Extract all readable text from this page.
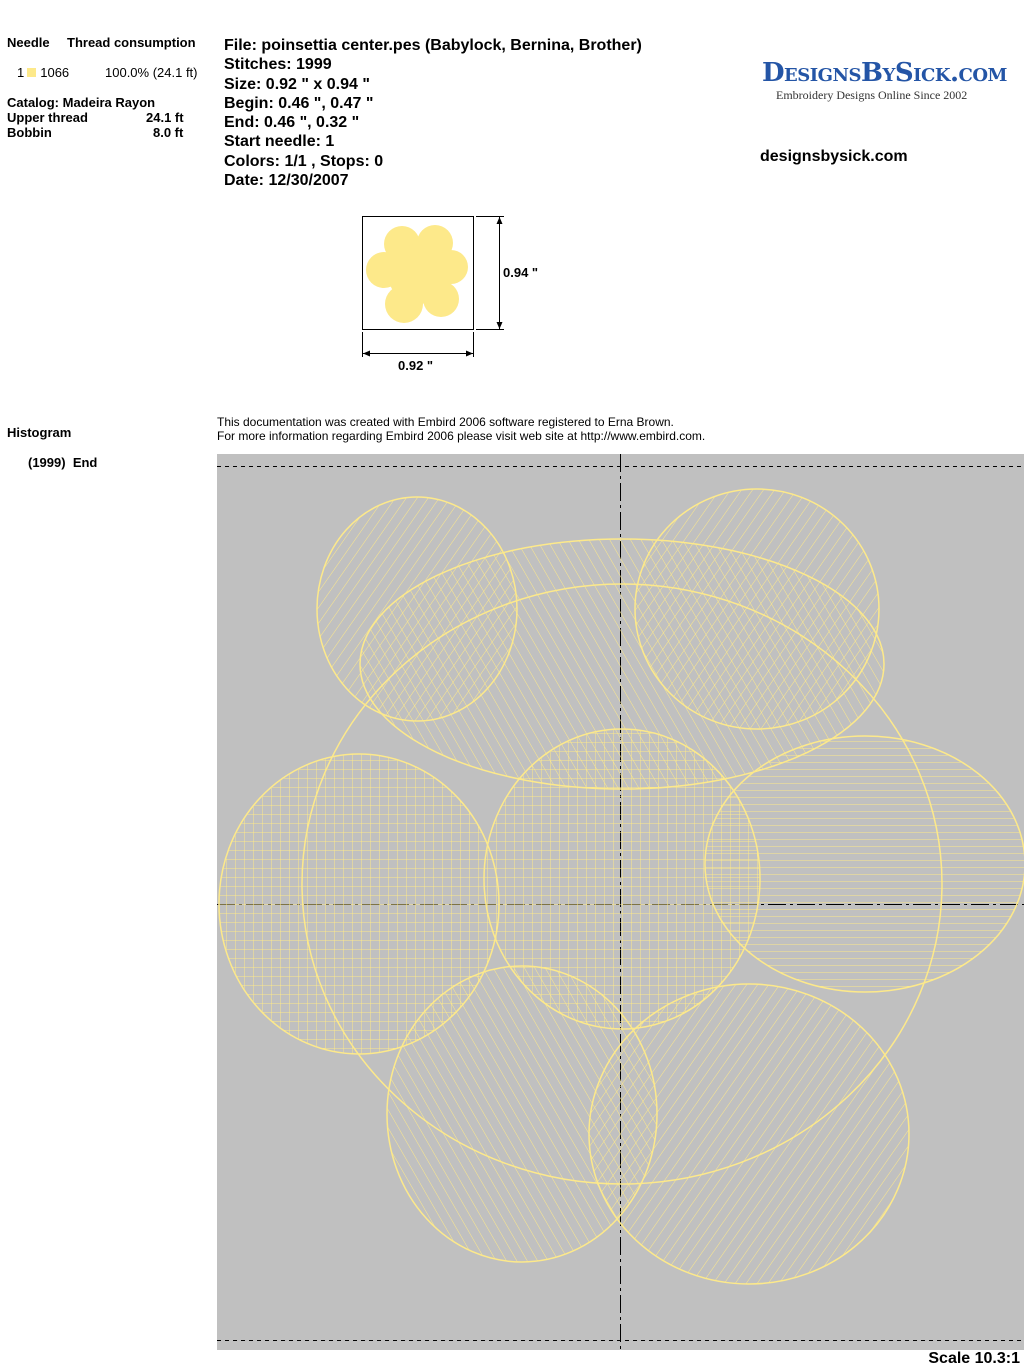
Needle Thread consumption
1 1066	100.0% (24.1 ft)
Catalog: Madeira Rayon
Upper thread	24.1 ft
Bobbin	8.0 ft
Histogram
(1999) End
File: poinsettia center.pes (Babylock, Bernina, Brother)
Stitches: 1999
Size: 0.92 " x 0.94 "
Begin: 0.46 ", 0.47 "
End: 0.46 ", 0.32 "
Start needle: 1
Colors: 1/1 , Stops: 0
Date: 12/30/2007
DesignsBySick.com
Embroidery Designs Online Since 2002
designsbysick.com
0.94 "
0.92 "
This documentation was created with Embird 2006 software registered to Erna Brown.
For more information regarding Embird 2006 please visit web site at http://www.embird.com.
Scale 10.3:1
